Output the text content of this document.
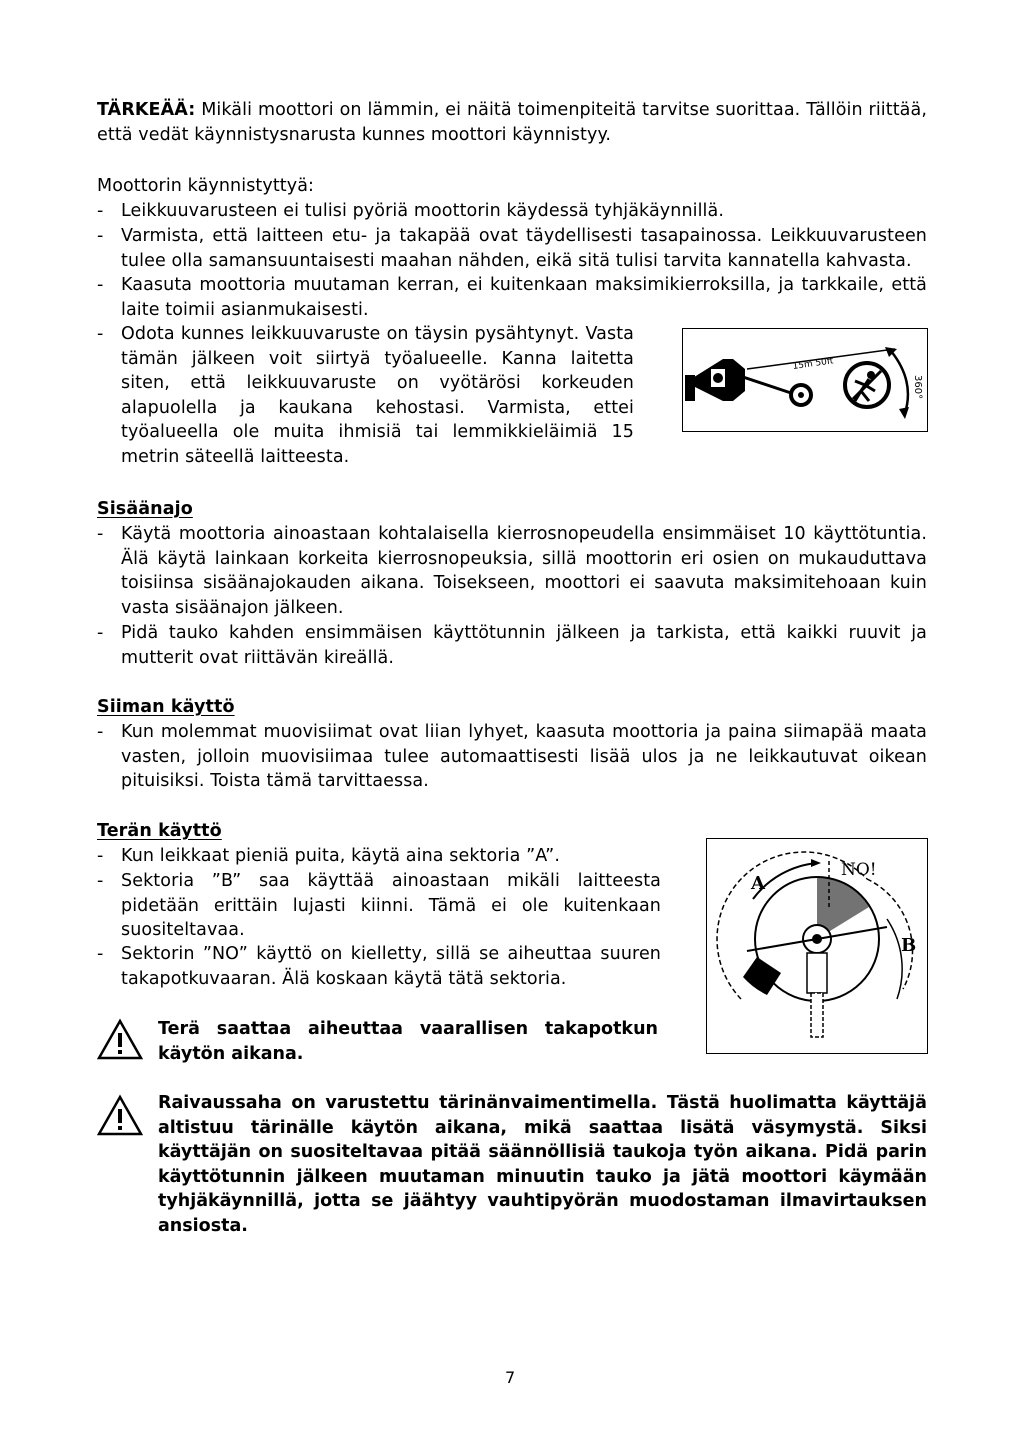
TÄRKEÄÄ: Mikäli moottori on lämmin, ei näitä toimenpiteitä tarvitse suorittaa. Tällöin riittää, että vedät käynnistysnarusta kunnes moottori käynnistyy.
Moottorin käynnistyttyä:
- Leikkuuvarusteen ei tulisi pyöriä moottorin käydessä tyhjäkäynnillä.
- Varmista, että laitteen etu- ja takapää ovat täydellisesti tasapainossa. Leikkuuvarusteen tulee olla samansuuntaisesti maahan nähden, eikä sitä tulisi tarvita kannatella kahvasta.
- Kaasuta moottoria muutaman kerran, ei kuitenkaan maksimikierroksilla, ja tarkkaile, että laite toimii asianmukaisesti.
- Odota kunnes leikkuuvaruste on täysin pysähtynyt. Vasta tämän jälkeen voit siirtyä työalueelle. Kanna laitetta siten, että leikkuuvaruste on vyötärösi korkeuden alapuolella ja kaukana kehostasi. Varmista, ettei työalueella ole muita ihmisiä tai lemmikkieläimiä 15 metrin säteellä laitteesta.
15m 50ft
360°
Sisäänajo
- Käytä moottoria ainoastaan kohtalaisella kierrosnopeudella ensimmäiset 10 käyttötuntia. Älä käytä lainkaan korkeita kierrosnopeuksia, sillä moottorin eri osien on mukauduttava toisiinsa sisäänajokauden aikana. Toisekseen, moottori ei saavuta maksimitehoaan kuin vasta sisäänajon jälkeen.
- Pidä tauko kahden ensimmäisen käyttötunnin jälkeen ja tarkista, että kaikki ruuvit ja mutterit ovat riittävän kireällä.
Siiman käyttö
- Kun molemmat muovisiimat ovat liian lyhyet, kaasuta moottoria ja paina siimapää maata vasten, jolloin muovisiimaa tulee automaattisesti lisää ulos ja ne leikkautuvat oikean pituisiksi. Toista tämä tarvittaessa.
Terän käyttö
- Kun leikkaat pieniä puita, käytä aina sektoria ”A”.
- Sektoria ”B” saa käyttää ainoastaan mikäli laitteesta pidetään erittäin lujasti kiinni. Tämä ei ole kuitenkaan suositeltavaa.
- Sektorin ”NO” käyttö on kielletty, sillä se aiheuttaa suuren takapotkuvaaran. Älä koskaan käytä tätä sektoria.
A
B
NO!
Terä saattaa aiheuttaa vaarallisen takapotkun käytön aikana.
Raivaussaha on varustettu tärinänvaimentimella. Tästä huolimatta käyttäjä altistuu tärinälle käytön aikana, mikä saattaa lisätä väsymystä. Siksi käyttäjän on suositeltavaa pitää säännöllisiä taukoja työn aikana. Pidä parin käyttötunnin jälkeen muutaman minuutin tauko ja jätä moottori käymään tyhjäkäynnillä, jotta se jäähtyy vauhtipyörän muodostaman ilmavirtauksen ansiosta.
7
